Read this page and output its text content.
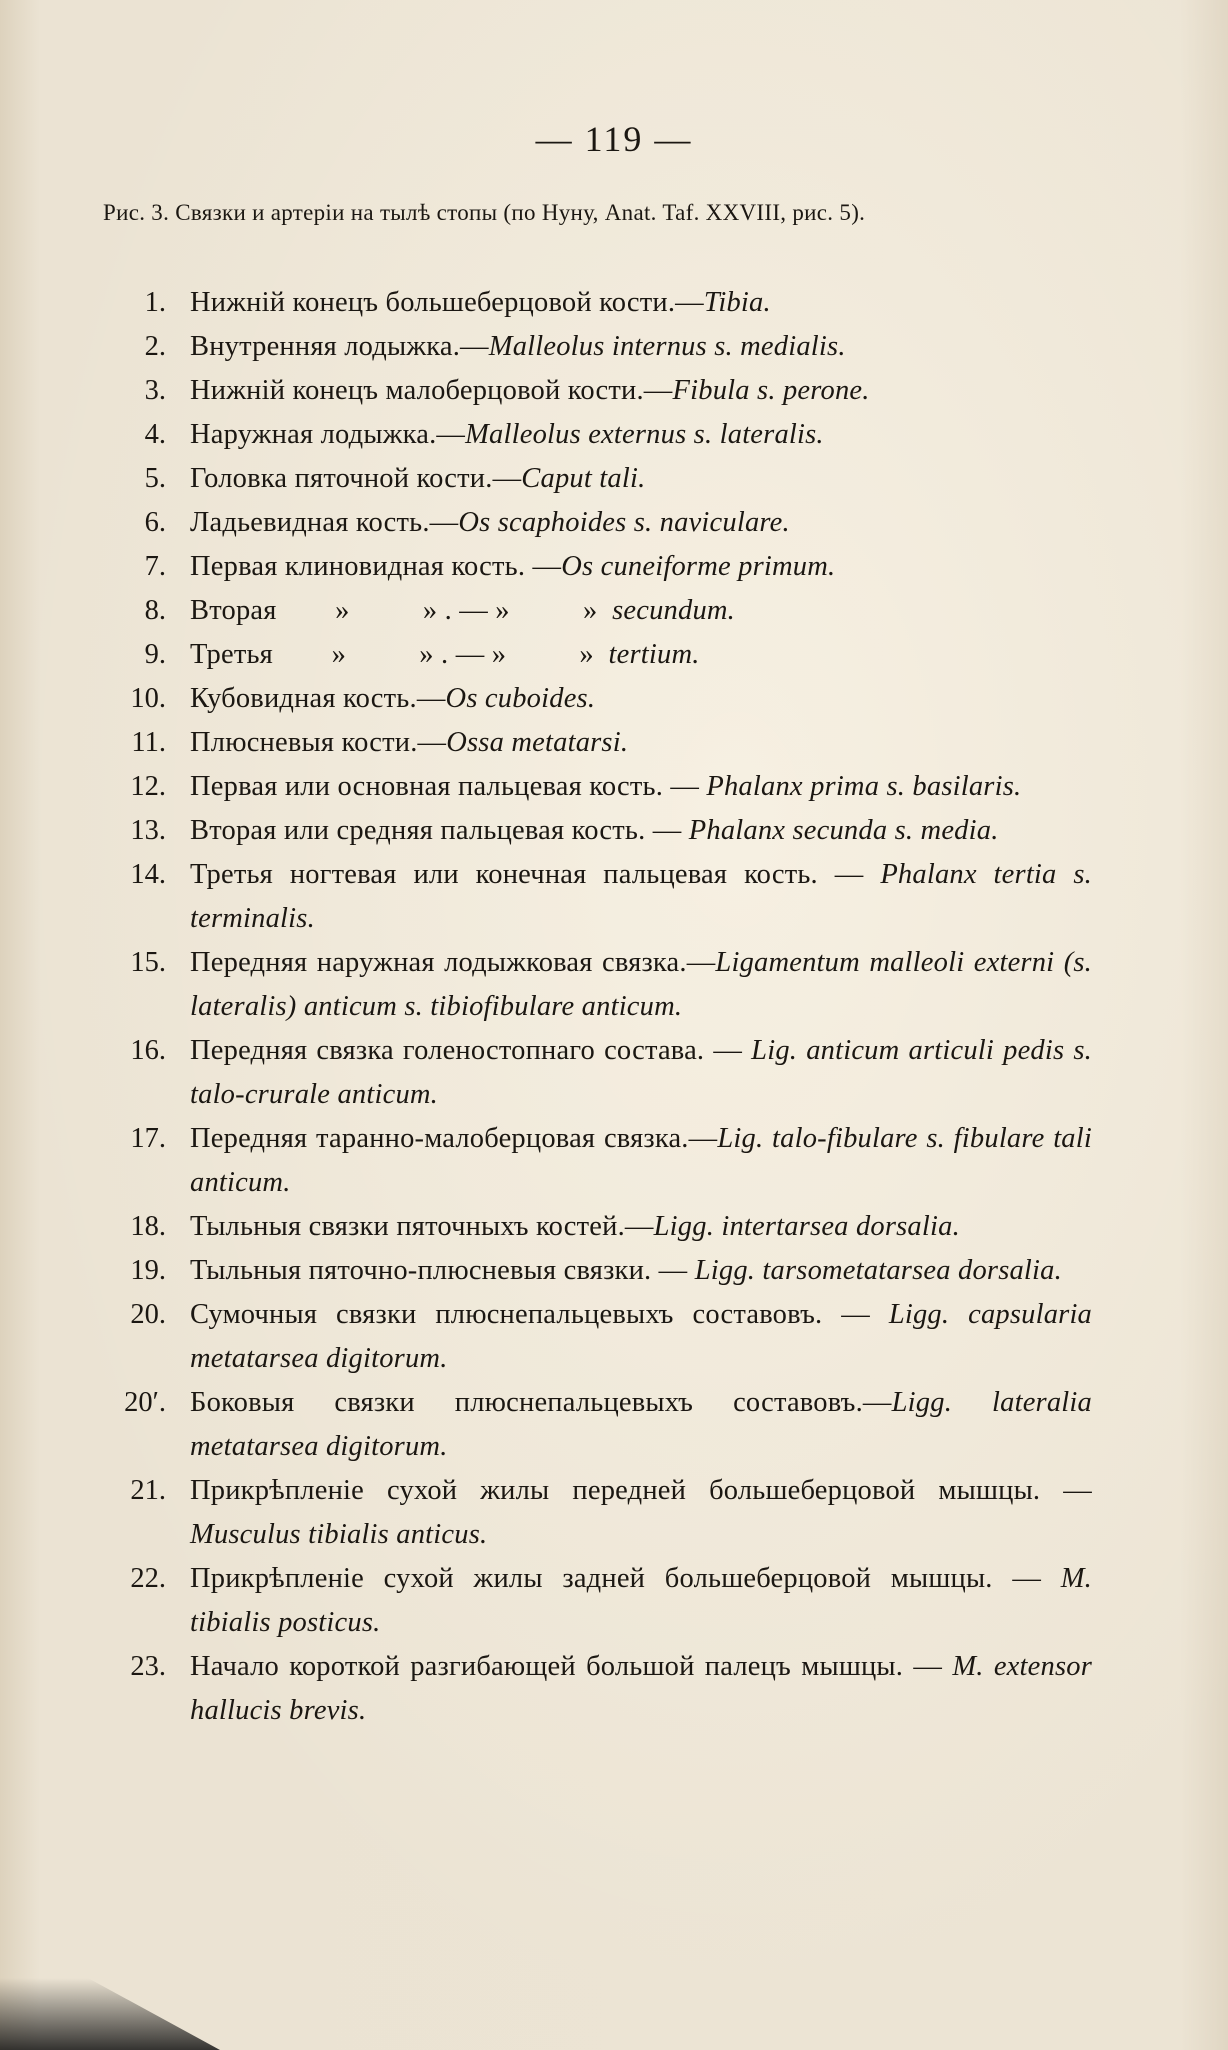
— 119 —
Рис. 3. Связки и артеріи на тылѣ стопы (по Нуну, Anat. Taf. XXVIII, рис. 5).
1. Нижній конецъ большеберцовой кости.—Tibia.
2. Внутренняя лодыжка.—Malleolus internus s. medialis.
3. Нижній конецъ малоберцовой кости.—Fibula s. perone.
4. Наружная лодыжка.—Malleolus externus s. lateralis.
5. Головка пяточной кости.—Caput tali.
6. Ладьевидная кость.—Os scaphoides s. naviculare.
7. Первая клиновидная кость. —Os cuneiforme primum.
8. Вторая        »          » . — »          » secundum.
9. Третья        »          » . — »          » tertium.
10. Кубовидная кость.—Os cuboides.
11. Плюсневыя кости.—Ossa metatarsi.
12. Первая или основная пальцевая кость. — Phalanx prima s. basilaris.
13. Вторая или средняя пальцевая кость. — Phalanx secunda s. media.
14. Третья ногтевая или конечная пальцевая кость. — Phalanx tertia s. terminalis.
15. Передняя наружная лодыжковая связка.—Ligamentum malleoli externi (s. lateralis) anticum s. tibiofibulare anticum.
16. Передняя связка голеностопнаго состава. — Lig. anticum articuli pedis s. talo-crurale anticum.
17. Передняя таранно-малоберцовая связка.—Lig. talo-fibulare s. fibulare tali anticum.
18. Тыльныя связки пяточныхъ костей.—Ligg. intertarsea dorsalia.
19. Тыльныя пяточно-плюсневыя связки. — Ligg. tarsometatarsea dorsalia.
20. Сумочныя связки плюснепальцевыхъ составовъ. — Ligg. capsularia metatarsea digitorum.
20′. Боковыя связки плюснепальцевыхъ составовъ.—Ligg. lateralia metatarsea digitorum.
21. Прикрѣпленіе сухой жилы передней большеберцовой мышцы. — Musculus tibialis anticus.
22. Прикрѣпленіе сухой жилы задней большеберцовой мышцы. — M. tibialis posticus.
23. Начало короткой разгибающей большой палецъ мышцы. — M. extensor hallucis brevis.
